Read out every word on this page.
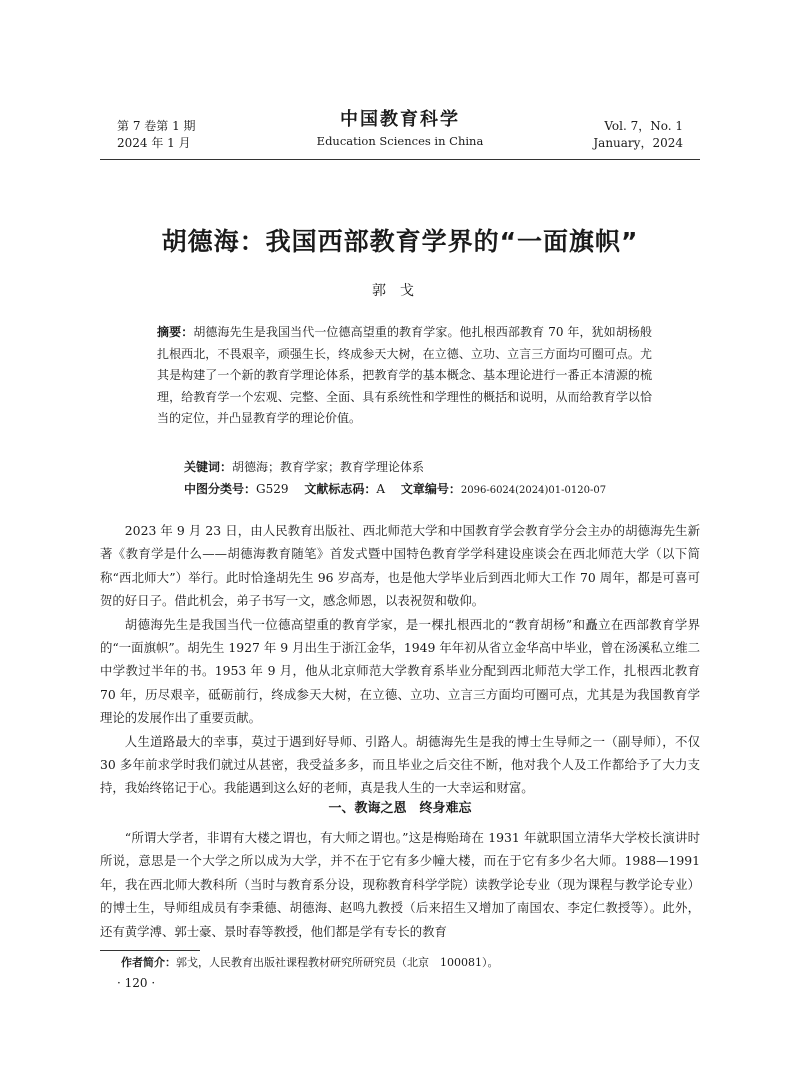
第 7 卷第 1 期
2024 年 1 月
中国教育科学
Education Sciences in China
Vol. 7，No. 1
January，2024
胡德海：我国西部教育学界的“一面旗帜”
郭戈
摘要：胡德海先生是我国当代一位德高望重的教育学家。他扎根西部教育 70 年，犹如胡杨般扎根西北，不畏艰辛，顽强生长，终成参天大树，在立德、立功、立言三方面均可圈可点。尤其是构建了一个新的教育学理论体系，把教育学的基本概念、基本理论进行一番正本清源的梳理，给教育学一个宏观、完整、全面、具有系统性和学理性的概括和说明，从而给教育学以恰当的定位，并凸显教育学的理论价值。
关键词：胡德海；教育学家；教育学理论体系
中图分类号：G529 文献标志码：A 文章编号：2096-6024(2024)01-0120-07

2023 年 9 月 23 日，由人民教育出版社、西北师范大学和中国教育学会教育学分会主办的胡德海先生新著《教育学是什么——胡德海教育随笔》首发式暨中国特色教育学学科建设座谈会在西北师范大学（以下简称“西北师大”）举行。此时恰逢胡先生 96 岁高寿，也是他大学毕业后到西北师大工作 70 周年，都是可喜可贺的好日子。借此机会，弟子书写一文，感念师恩，以表祝贺和敬仰。

胡德海先生是我国当代一位德高望重的教育学家，是一棵扎根西北的“教育胡杨”和矗立在西部教育学界的“一面旗帜”。胡先生 1927 年 9 月出生于浙江金华，1949 年年初从省立金华高中毕业，曾在汤溪私立维二中学教过半年的书。1953 年 9 月，他从北京师范大学教育系毕业分配到西北师范大学工作，扎根西北教育 70 年，历尽艰辛，砥砺前行，终成参天大树，在立德、立功、立言三方面均可圈可点，尤其是为我国教育学理论的发展作出了重要贡献。

人生道路最大的幸事，莫过于遇到好导师、引路人。胡德海先生是我的博士生导师之一（副导师），不仅 30 多年前求学时我们就过从甚密，我受益多多，而且毕业之后交往不断，他对我个人及工作都给予了大力支持，我始终铭记于心。我能遇到这么好的老师，真是我人生的一大幸运和财富。

一、教诲之恩　终身难忘

“所谓大学者，非谓有大楼之谓也，有大师之谓也。”这是梅贻琦在 1931 年就职国立清华大学校长演讲时所说，意思是一个大学之所以成为大学，并不在于它有多少幢大楼，而在于它有多少名大师。1988—1991 年，我在西北师大教科所（当时与教育系分设，现称教育科学学院）读教学论专业（现为课程与教学论专业）的博士生，导师组成员有李秉德、胡德海、赵鸣九教授（后来招生又增加了南国农、李定仁教授等）。此外，还有黄学溥、郭士豪、景时春等教授，他们都是学有专长的教育

作者简介：郭戈，人民教育出版社课程教材研究所研究员（北京　100081）。
· 120 ·
